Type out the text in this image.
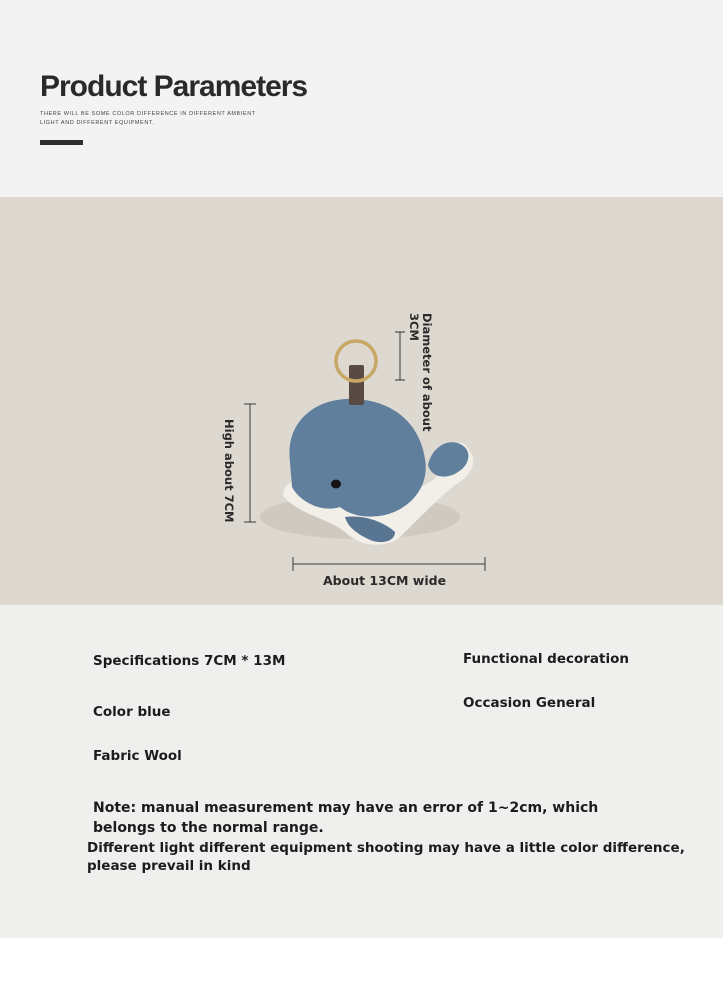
Product Parameters
THERE WILL BE SOME COLOR DIFFERENCE IN DIFFERENT AMBIENT LIGHT AND DIFFERENT EQUIPMENT.
High about 7CM
Diameter of about
3CM
About 13CM wide
Specifications 7CM * 13M	Functional decoration
Color blue
Occasion General
Fabric Wool
Note: manual measurement may have an error of 1~2cm, which belongs to the normal range.
Different light different equipment shooting may have a little color difference, please prevail in kind
